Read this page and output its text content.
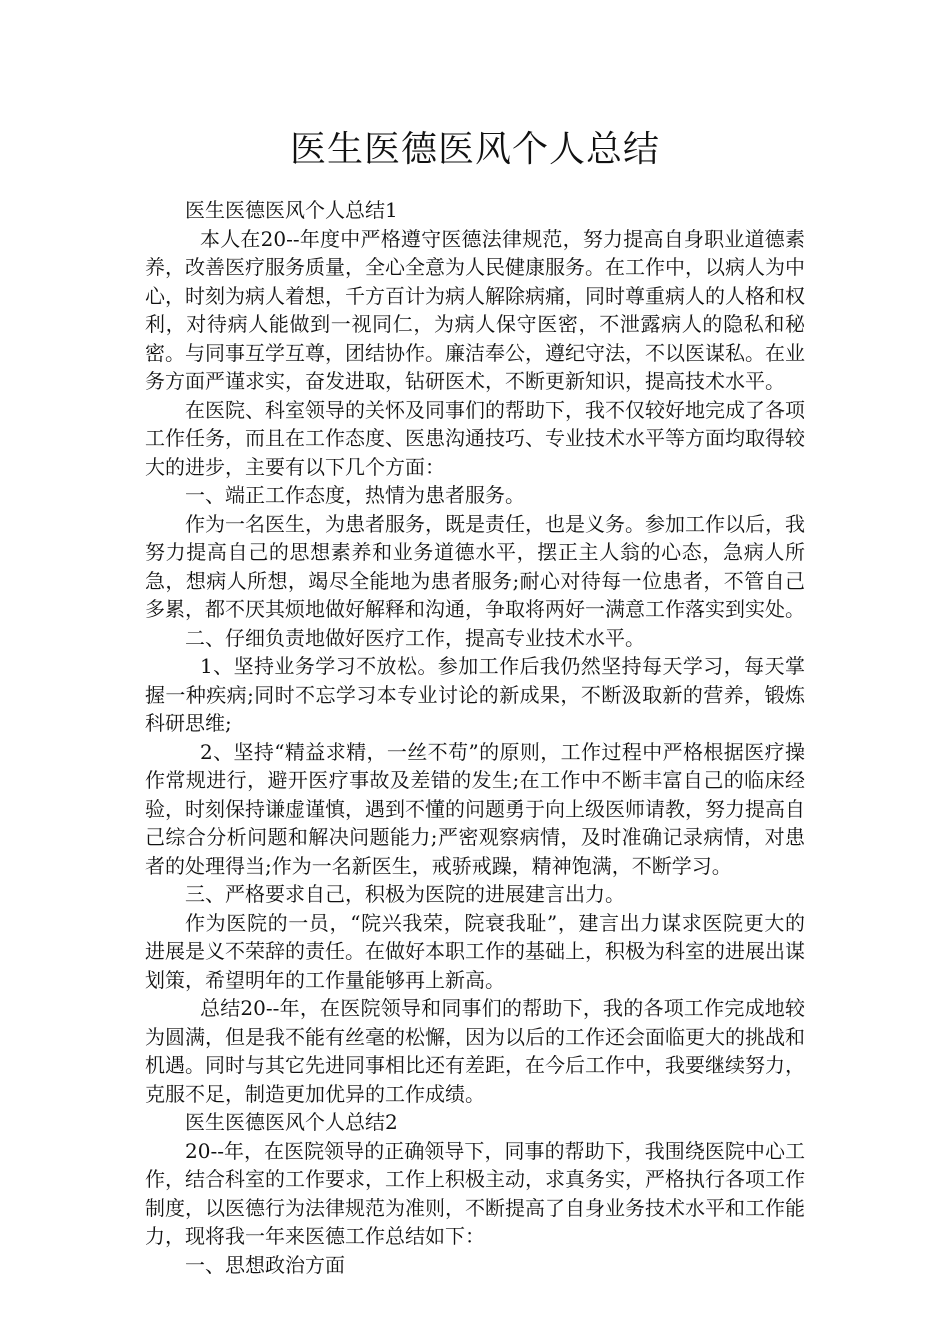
医生医德医风个人总结

医生医德医风个人总结1

本人在20--年度中严格遵守医德法律规范，努力提高自身职业道德素养，改善医疗服务质量，全心全意为人民健康服务。在工作中，以病人为中心，时刻为病人着想，千方百计为病人解除病痛，同时尊重病人的人格和权利，对待病人能做到一视同仁，为病人保守医密，不泄露病人的隐私和秘密。与同事互学互尊，团结协作。廉洁奉公，遵纪守法，不以医谋私。在业务方面严谨求实，奋发进取，钻研医术，不断更新知识，提高技术水平。

在医院、科室领导的关怀及同事们的帮助下，我不仅较好地完成了各项工作任务，而且在工作态度、医患沟通技巧、专业技术水平等方面均取得较大的进步，主要有以下几个方面：

一、端正工作态度，热情为患者服务。

作为一名医生，为患者服务，既是责任，也是义务。参加工作以后，我努力提高自己的思想素养和业务道德水平，摆正主人翁的心态，急病人所急，想病人所想，竭尽全能地为患者服务;耐心对待每一位患者，不管自己多累，都不厌其烦地做好解释和沟通，争取将两好一满意工作落实到实处。

二、仔细负责地做好医疗工作，提高专业技术水平。

1、坚持业务学习不放松。参加工作后我仍然坚持每天学习，每天掌握一种疾病;同时不忘学习本专业讨论的新成果，不断汲取新的营养，锻炼科研思维;

2、坚持“精益求精，一丝不苟”的原则，工作过程中严格根据医疗操作常规进行，避开医疗事故及差错的发生;在工作中不断丰富自己的临床经验，时刻保持谦虚谨慎，遇到不懂的问题勇于向上级医师请教，努力提高自己综合分析问题和解决问题能力;严密观察病情，及时准确记录病情，对患者的处理得当;作为一名新医生，戒骄戒躁，精神饱满，不断学习。

三、严格要求自己，积极为医院的进展建言出力。

作为医院的一员，“院兴我荣，院衰我耻”，建言出力谋求医院更大的进展是义不荣辞的责任。在做好本职工作的基础上，积极为科室的进展出谋划策，希望明年的工作量能够再上新高。

总结20--年，在医院领导和同事们的帮助下，我的各项工作完成地较为圆满，但是我不能有丝毫的松懈，因为以后的工作还会面临更大的挑战和机遇。同时与其它先进同事相比还有差距，在今后工作中，我要继续努力，克服不足，制造更加优异的工作成绩。

医生医德医风个人总结2

20--年，在医院领导的正确领导下，同事的帮助下，我围绕医院中心工作，结合科室的工作要求，工作上积极主动，求真务实，严格执行各项工作制度，以医德行为法律规范为准则，不断提高了自身业务技术水平和工作能力，现将我一年来医德工作总结如下：

一、思想政治方面
